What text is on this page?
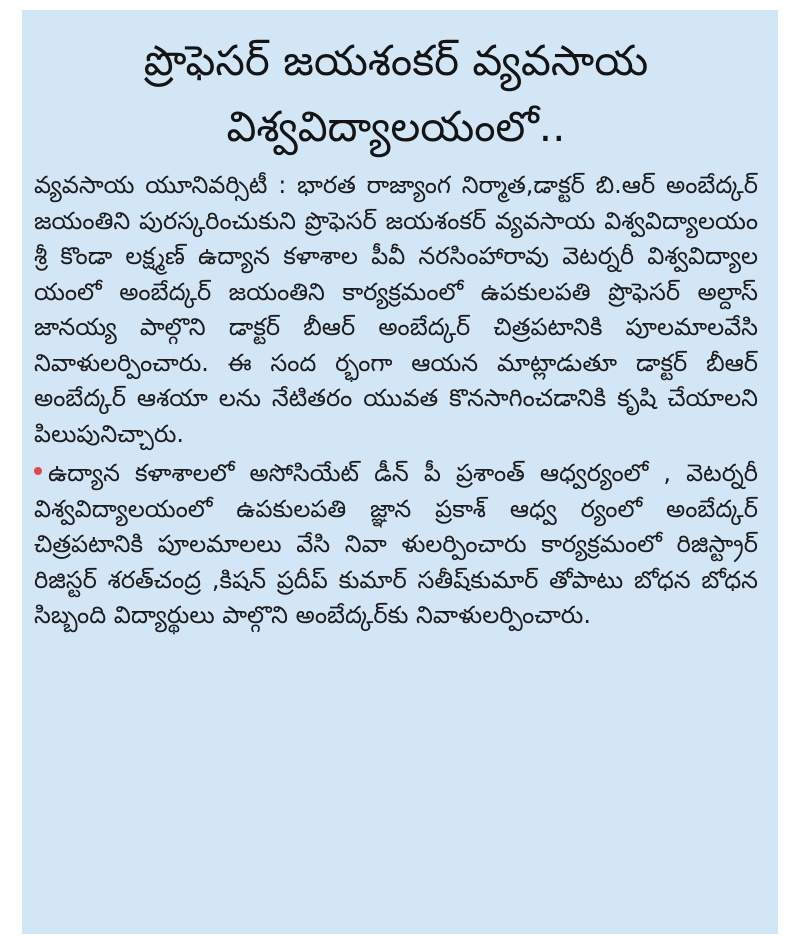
ప్రొఫెసర్ జయశంకర్ వ్యవసాయ
విశ్వవిద్యాలయంలో..

వ్యవసాయ యూనివర్సిటీ : భారత రాజ్యాంగ నిర్మాత,డాక్టర్ బి.ఆర్ అంబేద్కర్ జయంతిని పురస్కరించుకుని ప్రొఫెసర్ జయశంకర్ వ్యవసాయ విశ్వవిద్యాలయం శ్రీ కొండా లక్ష్మణ్ ఉద్యాన కళాశాల పీవీ నరసింహారావు వెటర్నరీ విశ్వవిద్యాల యంలో అంబేద్కర్ జయంతిని కార్యక్రమంలో ఉపకులపతి ప్రొఫెసర్ అల్దాస్ జానయ్య పాల్గొని డాక్టర్ బీఆర్ అంబేద్కర్ చిత్రపటానికి పూలమాలవేసి నివాళులర్పించారు. ఈ సంద ర్భంగా ఆయన మాట్లాడుతూ డాక్టర్ బీఆర్ అంబేద్కర్ ఆశయా లను నేటితరం యువత కొనసాగించడానికి కృషి చేయాలని పిలుపునిచ్చారు.

ఉద్యాన కళాశాలలో అసోసియేట్ డీన్ పీ ప్రశాంత్ ఆధ్వర్యంలో , వెటర్నరీ విశ్వవిద్యాలయంలో ఉపకులపతి జ్ఞాన ప్రకాశ్ ఆధ్వ ర్యంలో అంబేద్కర్ చిత్రపటానికి పూలమాలలు వేసి నివా ళులర్పించారు కార్యక్రమంలో రిజిస్ట్రార్ రిజిస్టర్ శరత్‌చంద్ర ,కిషన్ ప్రదీప్ కుమార్ సతీష్‌కుమార్ తోపాటు బోధన బోధన సిబ్బంది విద్యార్థులు పాల్గొని అంబేద్కర్‌కు నివాళులర్పించారు.
